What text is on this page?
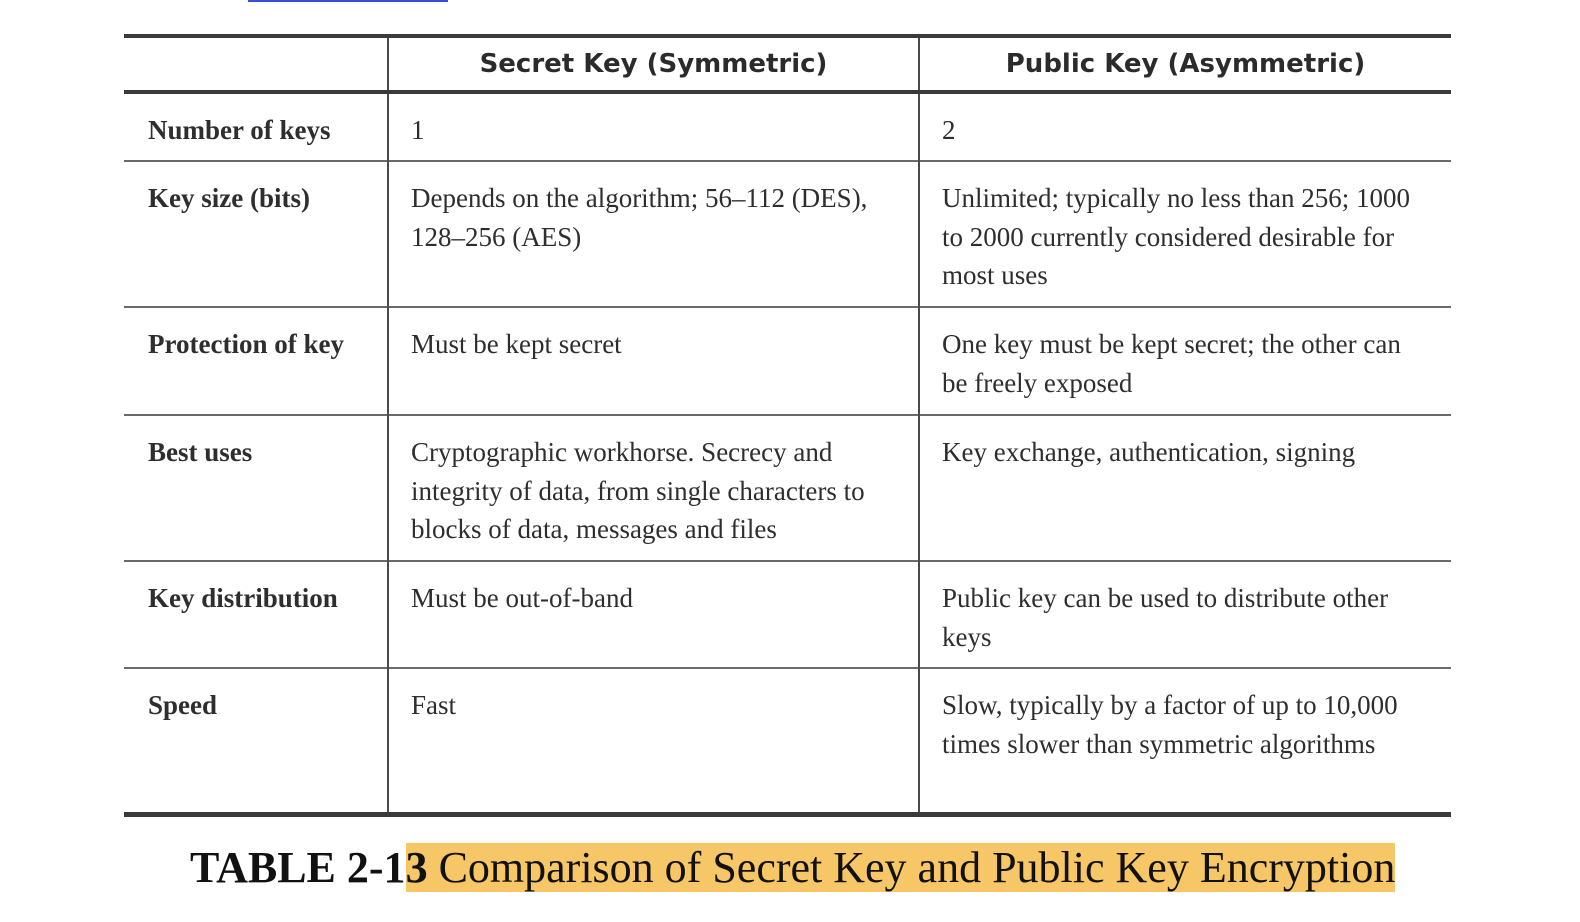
	Secret Key (Symmetric)	Public Key (Asymmetric)
Number of keys	1	2
Key size (bits)	Depends on the algorithm; 56–112 (DES), 128–256 (AES)	Unlimited; typically no less than 256; 1000 to 2000 currently considered desirable for most uses
Protection of key	Must be kept secret	One key must be kept secret; the other can be freely exposed
Best uses	Cryptographic workhorse. Secrecy and integrity of data, from single characters to blocks of data, messages and files	Key exchange, authentication, signing
Key distribution	Must be out-of-band	Public key can be used to distribute other keys
Speed	Fast	Slow, typically by a factor of up to 10,000 times slower than symmetric algorithms
TABLE 2-13 Comparison of Secret Key and Public Key Encryption
